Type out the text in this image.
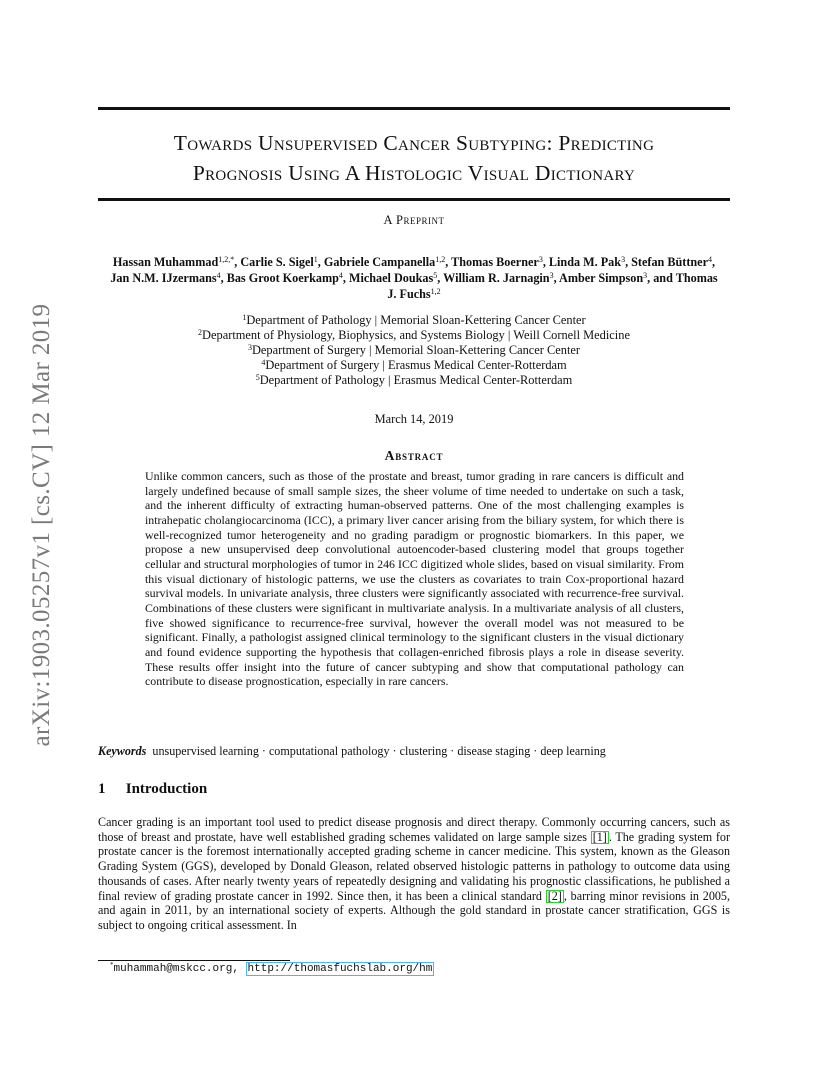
arXiv:1903.05257v1 [cs.CV] 12 Mar 2019
Towards Unsupervised Cancer Subtyping: Predicting
Prognosis Using A Histologic Visual Dictionary
A Preprint
Hassan Muhammad$^{1,2,*}$, Carlie S. Sigel$^1$, Gabriele Campanella$^{1,2}$, Thomas Boerner$^3$, Linda M. Pak$^3$, Stefan Büttner$^4$, Jan N.M. IJzermans$^4$, Bas Groot Koerkamp$^4$, Michael Doukas$^5$, William R. Jarnagin$^3$, Amber Simpson$^3$, and Thomas J. Fuchs$^{1,2}$
$^1$Department of Pathology | Memorial Sloan-Kettering Cancer Center
$^2$Department of Physiology, Biophysics, and Systems Biology | Weill Cornell Medicine
$^3$Department of Surgery | Memorial Sloan-Kettering Cancer Center
$^4$Department of Surgery | Erasmus Medical Center-Rotterdam
$^5$Department of Pathology | Erasmus Medical Center-Rotterdam
March 14, 2019
Abstract

Unlike common cancers, such as those of the prostate and breast, tumor grading in rare cancers is difficult and largely undefined because of small sample sizes, the sheer volume of time needed to undertake on such a task, and the inherent difficulty of extracting human-observed patterns. One of the most challenging examples is intrahepatic cholangiocarcinoma (ICC), a primary liver cancer arising from the biliary system, for which there is well-recognized tumor heterogeneity and no grading paradigm or prognostic biomarkers. In this paper, we propose a new unsupervised deep convolutional autoencoder-based clustering model that groups together cellular and structural morphologies of tumor in 246 ICC digitized whole slides, based on visual similarity. From this visual dictionary of histologic patterns, we use the clusters as covariates to train Cox-proportional hazard survival models. In univariate analysis, three clusters were significantly associated with recurrence-free survival. Combinations of these clusters were significant in multivariate analysis. In a multivariate analysis of all clusters, five showed significance to recurrence-free survival, however the overall model was not measured to be significant. Finally, a pathologist assigned clinical terminology to the significant clusters in the visual dictionary and found evidence supporting the hypothesis that collagen-enriched fibrosis plays a role in disease severity. These results offer insight into the future of cancer subtyping and show that computational pathology can contribute to disease prognostication, especially in rare cancers.

Keywords unsupervised learning · computational pathology · clustering · disease staging · deep learning
1 Introduction

Cancer grading is an important tool used to predict disease prognosis and direct therapy. Commonly occurring cancers, such as those of breast and prostate, have well established grading schemes validated on large sample sizes [1] . The grading system for prostate cancer is the foremost internationally accepted grading scheme in cancer medicine. This system, known as the Gleason Grading System (GGS), developed by Donald Gleason, related observed histologic patterns in pathology to outcome data using thousands of cases. After nearly twenty years of repeatedly designing and validating his prognostic classifications, he published a final review of grading prostate cancer in 1992. Since then, it has been a clinical standard [2] , barring minor revisions in 2005, and again in 2011, by an international society of experts. Although the gold standard in prostate cancer stratification, GGS is subject to ongoing critical assessment. In

*muhammah@mskcc.org, http://thomasfuchslab.org/hm
